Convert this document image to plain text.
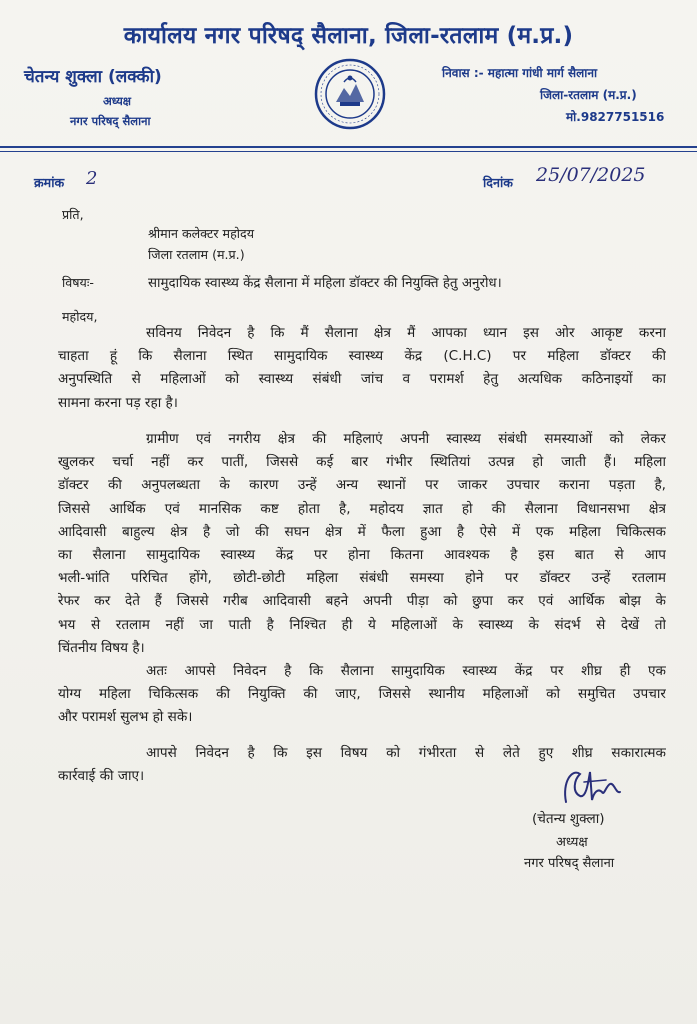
कार्यालय नगर परिषद् सैलाना, जिला-रतलाम (म.प्र.)
चेतन्य शुक्ला (लक्की)
अध्यक्ष
नगर परिषद् सैलाना
निवास :- महात्मा गांधी मार्ग सैलाना
जिला-रतलाम (म.प्र.)
मो.9827751516
क्रमांक 2	दिनांक 25/07/2025
प्रति,
श्रीमान कलेक्टर महोदय
जिला रतलाम (म.प्र.)
विषयः-	सामुदायिक स्वास्थ्य केंद्र सैलाना में महिला डॉक्टर की नियुक्ति हेतु अनुरोध।
महोदय,
सविनय निवेदन है कि मैं सैलाना क्षेत्र मैं आपका ध्यान इस ओर आकृष्ट करना
चाहता हूं कि सैलाना स्थित सामुदायिक स्वास्थ्य केंद्र (C.H.C) पर महिला डॉक्टर की
अनुपस्थिति से महिलाओं को स्वास्थ्य संबंधी जांच व परामर्श हेतु अत्यधिक कठिनाइयों का
सामना करना पड़ रहा है।
ग्रामीण एवं नगरीय क्षेत्र की महिलाएं अपनी स्वास्थ्य संबंधी समस्याओं को लेकर
खुलकर चर्चा नहीं कर पातीं, जिससे कई बार गंभीर स्थितियां उत्पन्न हो जाती हैं। महिला
डॉक्टर की अनुपलब्धता के कारण उन्हें अन्य स्थानों पर जाकर उपचार कराना पड़ता है,
जिससे आर्थिक एवं मानसिक कष्ट होता है, महोदय ज्ञात हो की सैलाना विधानसभा क्षेत्र
आदिवासी बाहुल्य क्षेत्र है जो की सघन क्षेत्र में फैला हुआ है ऐसे में एक महिला चिकित्सक
का सैलाना सामुदायिक स्वास्थ्य केंद्र पर होना कितना आवश्यक है इस बात से आप
भली-भांति परिचित होंगे, छोटी-छोटी महिला संबंधी समस्या होने पर डॉक्टर उन्हें रतलाम
रेफर कर देते हैं जिससे गरीब आदिवासी बहने अपनी पीड़ा को छुपा कर एवं आर्थिक बोझ के
भय से रतलाम नहीं जा पाती है निश्चित ही ये महिलाओं के स्वास्थ्य के संदर्भ से देखें तो
चिंतनीय विषय है।
अतः आपसे निवेदन है कि सैलाना सामुदायिक स्वास्थ्य केंद्र पर शीघ्र ही एक
योग्य महिला चिकित्सक की नियुक्ति की जाए, जिससे स्थानीय महिलाओं को समुचित उपचार
और परामर्श सुलभ हो सके।
आपसे निवेदन है कि इस विषय को गंभीरता से लेते हुए शीघ्र सकारात्मक
कार्रवाई की जाए।
(चेतन्य शुक्ला)
अध्यक्ष
नगर परिषद् सैलाना
